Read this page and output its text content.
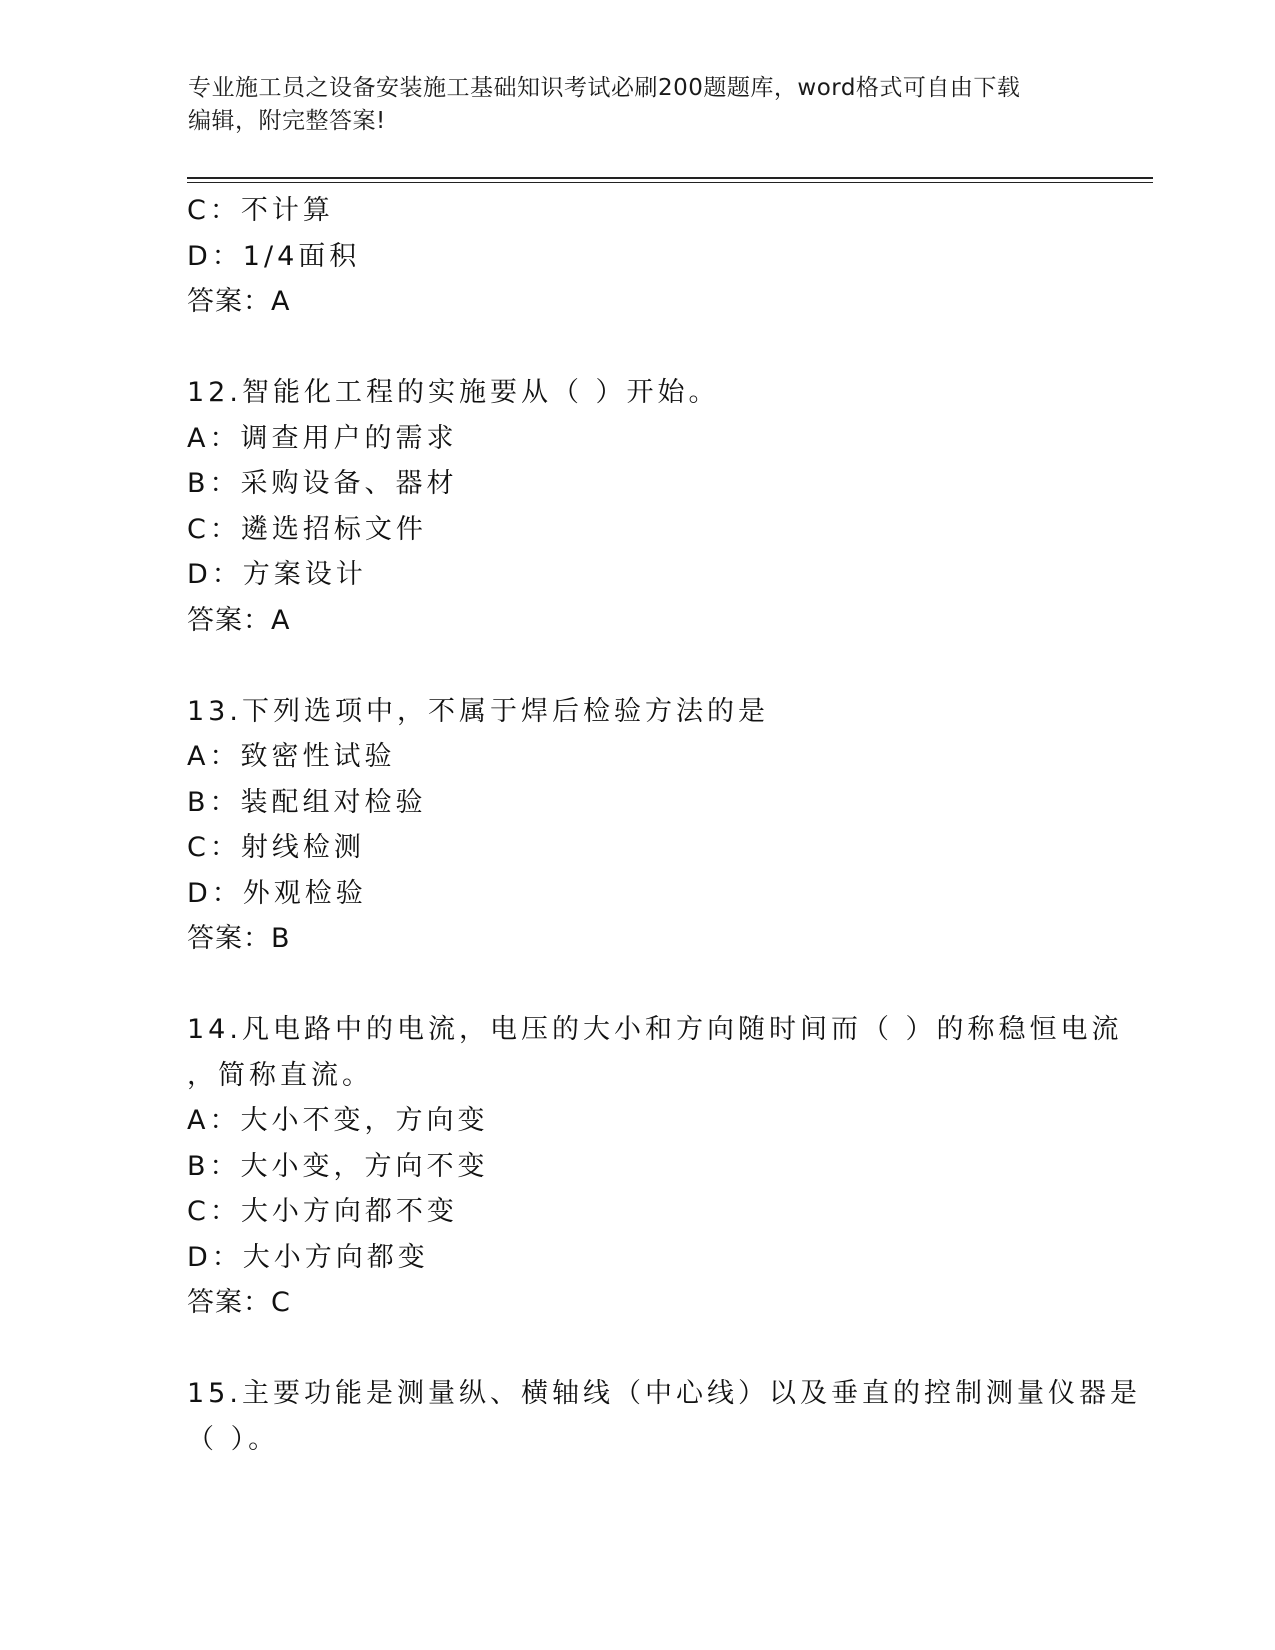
专业施工员之设备安装施工基础知识考试必刷200题题库，word格式可自由下载
编辑，附完整答案!
C：不计算
D：1/4面积
答案：A
12.智能化工程的实施要从（ ）开始。
A：调查用户的需求
B：采购设备、器材
C：遴选招标文件
D：方案设计
答案：A
13.下列选项中，不属于焊后检验方法的是
A：致密性试验
B：装配组对检验
C：射线检测
D：外观检验
答案：B
14.凡电路中的电流，电压的大小和方向随时间而（ ）的称稳恒电流
，简称直流。
A：大小不变，方向变
B：大小变，方向不变
C：大小方向都不变
D：大小方向都变
答案：C
15.主要功能是测量纵、横轴线（中心线）以及垂直的控制测量仪器是
（ ）。
